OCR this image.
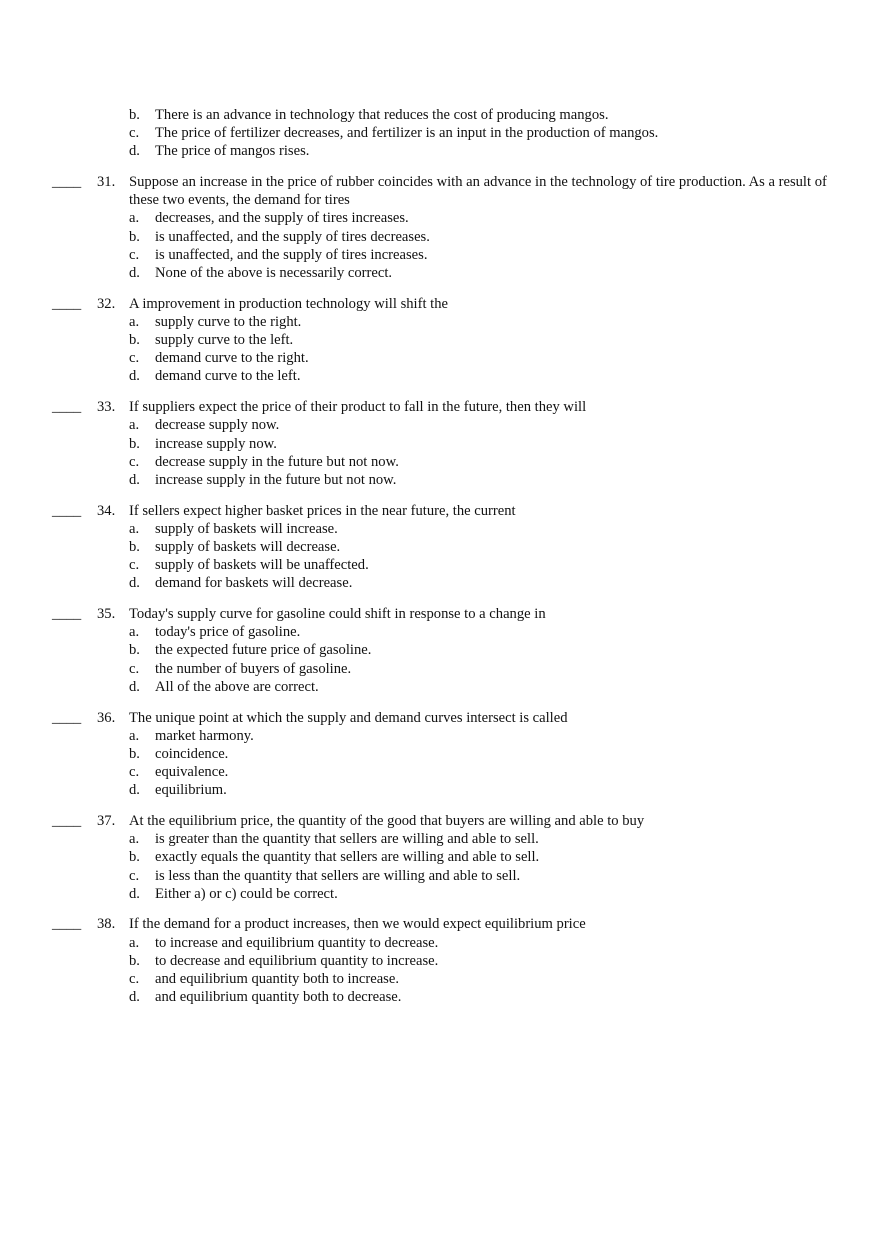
b. There is an advance in technology that reduces the cost of producing mangos.
c. The price of fertilizer decreases, and fertilizer is an input in the production of mangos.
d. The price of mangos rises.
____ 31. Suppose an increase in the price of rubber coincides with an advance in the technology of tire production. As a result of these two events, the demand for tires
a. decreases, and the supply of tires increases.
b. is unaffected, and the supply of tires decreases.
c. is unaffected, and the supply of tires increases.
d. None of the above is necessarily correct.
____ 32. A improvement in production technology will shift the
a. supply curve to the right.
b. supply curve to the left.
c. demand curve to the right.
d. demand curve to the left.
____ 33. If suppliers expect the price of their product to fall in the future, then they will
a. decrease supply now.
b. increase supply now.
c. decrease supply in the future but not now.
d. increase supply in the future but not now.
____ 34. If sellers expect higher basket prices in the near future, the current
a. supply of baskets will increase.
b. supply of baskets will decrease.
c. supply of baskets will be unaffected.
d. demand for baskets will decrease.
____ 35. Today's supply curve for gasoline could shift in response to a change in
a. today's price of gasoline.
b. the expected future price of gasoline.
c. the number of buyers of gasoline.
d. All of the above are correct.
____ 36. The unique point at which the supply and demand curves intersect is called
a. market harmony.
b. coincidence.
c. equivalence.
d. equilibrium.
____ 37. At the equilibrium price, the quantity of the good that buyers are willing and able to buy
a. is greater than the quantity that sellers are willing and able to sell.
b. exactly equals the quantity that sellers are willing and able to sell.
c. is less than the quantity that sellers are willing and able to sell.
d. Either a) or c) could be correct.
____ 38. If the demand for a product increases, then we would expect equilibrium price
a. to increase and equilibrium quantity to decrease.
b. to decrease and equilibrium quantity to increase.
c. and equilibrium quantity both to increase.
d. and equilibrium quantity both to decrease.
